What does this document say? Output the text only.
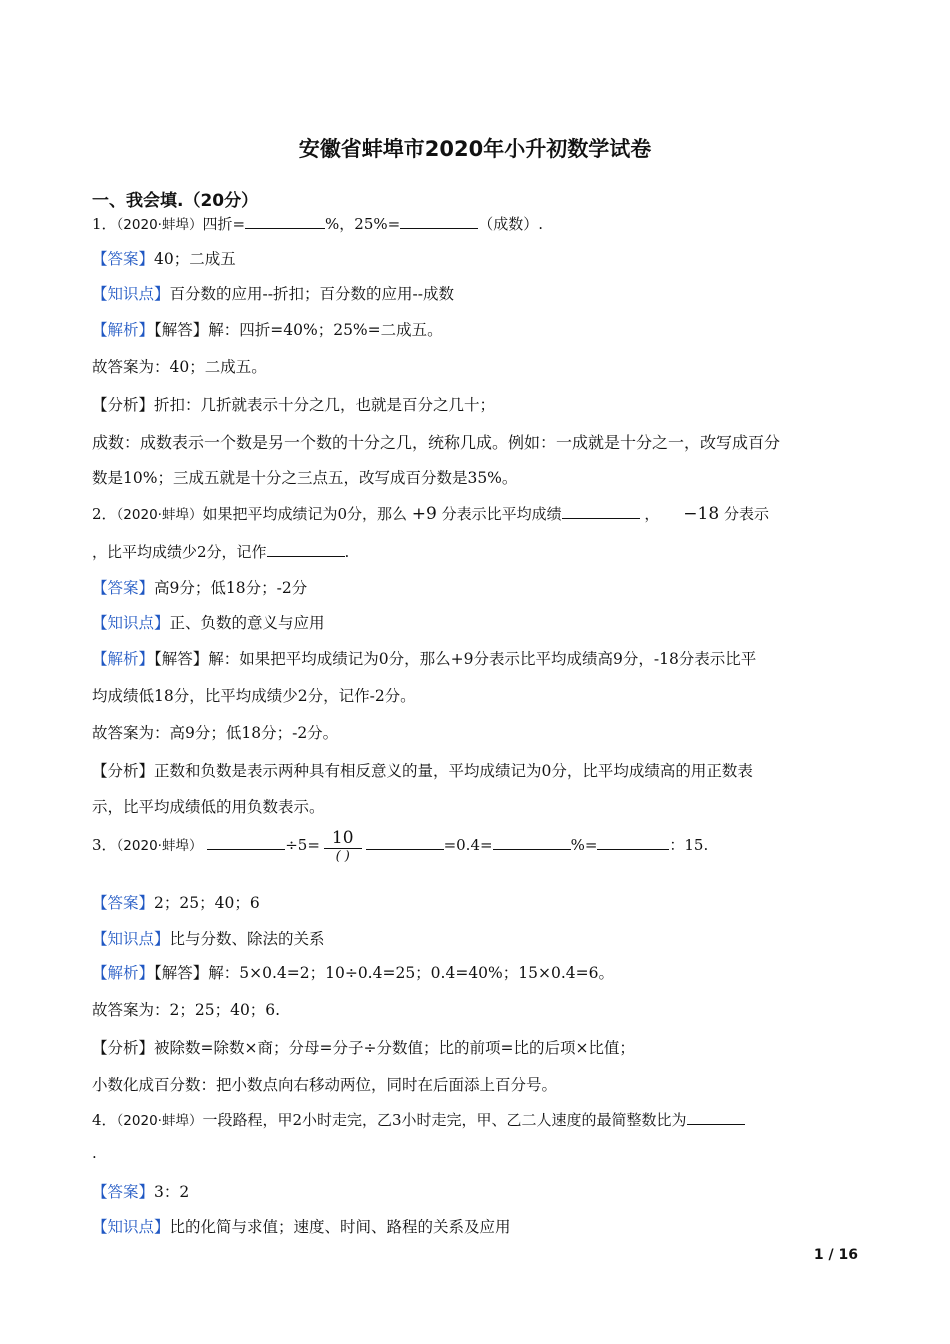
安徽省蚌埠市2020年小升初数学试卷
一、我会填.（20分）
1．（2020·蚌埠）四折=	%，25%=	（成数）.
【答案】40；二成五
【知识点】百分数的应用--折扣；百分数的应用--成数
【解析】【解答】解：四折=40%；25%=二成五。
故答案为：40；二成五。
【分析】折扣：几折就表示十分之几，也就是百分之几十；
成数：成数表示一个数是另一个数的十分之几，统称几成。例如：一成就是十分之一，改写成百分
数是10%；三成五就是十分之三点五，改写成百分数是35%。
2．（2020·蚌埠）如果把平均成绩记为0分，那么 +9 分表示比平均成绩	， −18 分表示
，比平均成绩少2分，记作	.
【答案】高9分；低18分；-2分
【知识点】正、负数的意义与应用
【解析】【解答】解：如果把平均成绩记为0分，那么+9分表示比平均成绩高9分，-18分表示比平
均成绩低18分，比平均成绩少2分，记作-2分。
故答案为：高9分；低18分；-2分。
【分析】正数和负数是表示两种具有相反意义的量，平均成绩记为0分，比平均成绩高的用正数表
示，比平均成绩低的用负数表示。
3．（2020·蚌埠）	$\div 5= \frac{10}{( )}$	=0.4=	%=	：15.
【答案】2；25；40；6
【知识点】比与分数、除法的关系
【解析】【解答】解：5×0.4=2；10÷0.4=25；0.4=40%；15×0.4=6。
故答案为：2；25；40；6.
【分析】被除数=除数×商；分母=分子÷分数值；比的前项=比的后项×比值；
小数化成百分数：把小数点向右移动两位，同时在后面添上百分号。
4．（2020·蚌埠）一段路程，甲2小时走完，乙3小时走完，甲、乙二人速度的最简整数比为
.
【答案】3：2
【知识点】比的化简与求值；速度、时间、路程的关系及应用
1 / 16
